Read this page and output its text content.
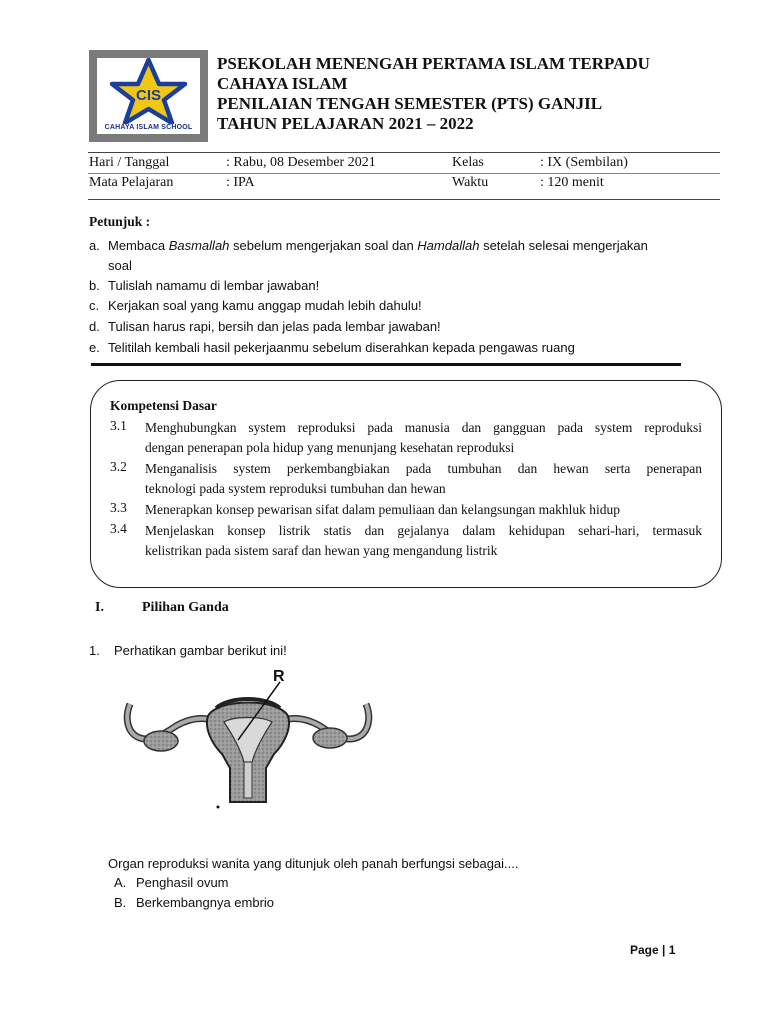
CIS
CAHAYA ISLAM SCHOOL
PSEKOLAH MENENGAH PERTAMA ISLAM TERPADU
CAHAYA ISLAM
PENILAIAN TENGAH SEMESTER (PTS) GANJIL
TAHUN PELAJARAN 2021 – 2022
Hari / Tanggal	: Rabu, 08 Desember 2021	Kelas	: IX (Sembilan)
Mata Pelajaran	: IPA	Waktu	: 120 menit
Petunjuk :
a. Membaca Basmallah sebelum mengerjakan soal dan Hamdallah setelah selesai mengerjakan
soal
b. Tulislah namamu di lembar jawaban!
c. Kerjakan soal yang kamu anggap mudah lebih dahulu!
d. Tulisan harus rapi, bersih dan jelas pada lembar jawaban!
e. Telitilah kembali hasil pekerjaanmu sebelum diserahkan kepada pengawas ruang
Kompetensi Dasar
3.1 Menghubungkan system reproduksi pada manusia dan gangguan pada system reproduksi
dengan penerapan pola hidup yang menunjang kesehatan reproduksi
3.2 Menganalisis system perkembangbiakan pada tumbuhan dan hewan serta penerapan
teknologi pada system reproduksi tumbuhan dan hewan
3.3 Menerapkan konsep pewarisan sifat dalam pemuliaan dan kelangsungan makhluk hidup
3.4 Menjelaskan konsep listrik statis dan gejalanya dalam kehidupan sehari-hari, termasuk
kelistrikan pada sistem saraf dan hewan yang mengandung listrik
I.	Pilihan Ganda
1. Perhatikan gambar berikut ini!
R
Organ reproduksi wanita yang ditunjuk oleh panah berfungsi sebagai....
A. Penghasil ovum
B. Berkembangnya embrio
Page | 1
